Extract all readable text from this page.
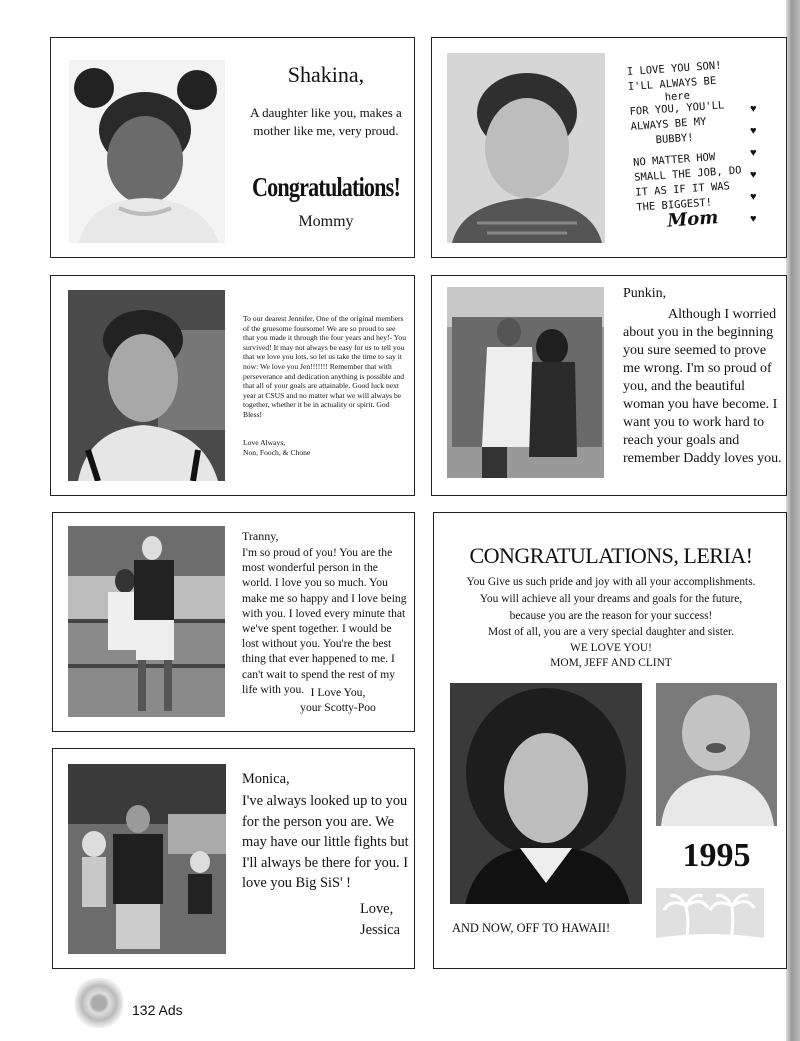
Shakina,
A daughter like you, makes a mother like me, very proud.
Congratulations!
Mommy
I LOVE YOU SON!
I'LL ALWAYS BE
here
FOR YOU, YOU'LL
ALWAYS BE MY
BUBBY!
NO MATTER HOW
SMALL THE JOB, DO
IT AS IF IT WAS
THE BIGGEST!
Mom
♥
♥
♥
♥
♥
♥
To our dearest Jennifer, One of the original members of the gruesome foursome! We are so proud to see that you made it through the four years and hey!- You survived! It may not always be easy for us to tell you that we love you lots, so let us take the time to say it now: We love you Jen!!!!!!! Remember that with perseverance and dedication anything is possible and that all of your goals are attainable. Good luck next year at CSUS and no matter what we will always be together, whether it be in actuality or spirit. God Bless!
Love Always,
Non, Fooch, & Chone
Punkin,
Although I worried about you in the beginning you sure seemed to prove me wrong. I'm so proud of you, and the beautiful woman you have become. I want you to work hard to reach your goals and remember Daddy loves you.
Tranny,
I'm so proud of you! You are the most wonderful person in the world. I love you so much. You make me so happy and I love being with you. I loved every minute that we've spent together. I would be lost without you. You're the best thing that ever happened to me. I can't wait to spend the rest of my life with you. I Love You,
your Scotty-Poo
CONGRATULATIONS, LERIA!
You Give us such pride and joy with all your accomplishments.
You will achieve all your dreams and goals for the future,
because you are the reason for your success!
Most of all, you are a very special daughter and sister.
WE LOVE YOU!
MOM, JEFF AND CLINT
1995
AND NOW, OFF TO HAWAII!
Monica,
I've always looked up to you for the person you are. We may have our little fights but I'll always be there for you. I love you Big SiS' !
Love,
Jessica
132 Ads
